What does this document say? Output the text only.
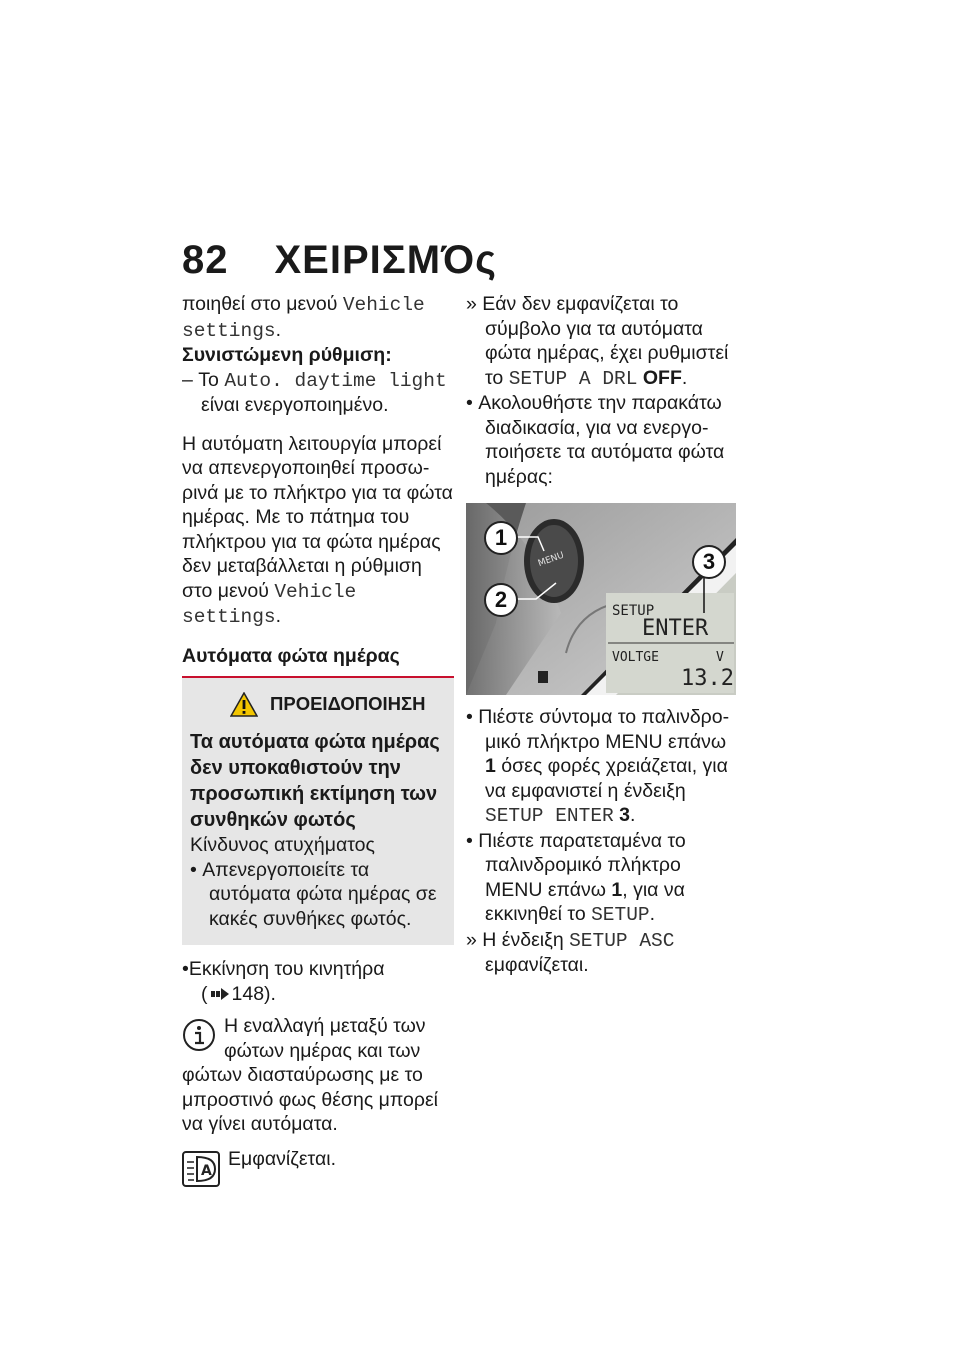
82 ΧΕΙΡΙΣΜΌς

ποιηθεί στο μενού Vehicle settings.

Συνιστώμενη ρύθμιση:

– Το Auto. daytime light είναι ενεργοποιημένο.

Η αυτόματη λειτουργία μπορεί να απενεργοποιηθεί προσωρινά με το πλήκτρο για τα φώτα ημέρας. Με το πάτημα του πλήκτρου για τα φώτα ημέρας δεν μεταβάλλεται η ρύθμιση στο μενού Vehicle settings.

Αυτόματα φώτα ημέρας

ΠΡΟΕΙΔΟΠΟΙΗΣΗ

Τα αυτόματα φώτα ημέρας δεν υποκαθιστούν την προσωπική εκτίμηση των συνθηκών φωτός

Κίνδυνος ατυχήματος

• Απενεργοποιείτε τα αυτόματα φώτα ημέρας σε κακές συνθήκες φωτός.

•Εκκίνηση του κινητήρα
( 148).

Η εναλλαγή μεταξύ των φώτων ημέρας και των φώτων διασταύρωσης με το μπροστινό φως θέσης μπορεί να γίνει αυτόματα.

A

Εμφανίζεται.

» Εάν δεν εμφανίζεται το σύμβολο για τα αυτόματα φώτα ημέρας, έχει ρυθμιστεί το SETUP A DRL OFF.

• Ακολουθήστε την παρακάτω διαδικασία, για να ενεργοποιήσετε τα αυτόματα φώτα ημέρας:

MENU
SETUP
ENTER
VOLTGE	V
13.2
1
2
3

• Πιέστε σύντομα το παλινδρομικό πλήκτρο MENU επάνω 1 όσες φορές χρειάζεται, για να εμφανιστεί η ένδειξη SETUP ENTER 3.

• Πιέστε παρατεταμένα το παλινδρομικό πλήκτρο MENU επάνω 1, για να εκκινηθεί το SETUP.

» Η ένδειξη SETUP ASC εμφανίζεται.
